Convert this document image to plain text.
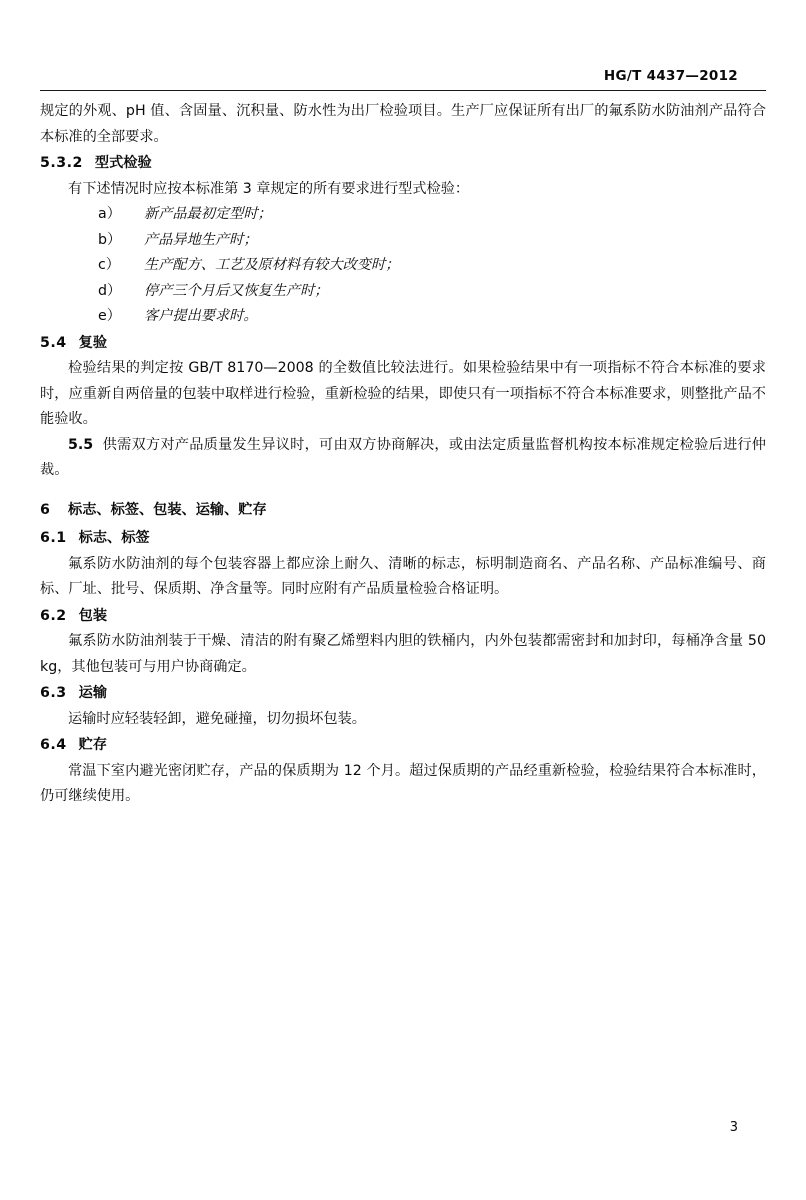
HG/T 4437—2012

规定的外观、pH 值、含固量、沉积量、防水性为出厂检验项目。生产厂应保证所有出厂的氟系防水防油剂产品符合本标准的全部要求。

5.3.2 型式检验

有下述情况时应按本标准第 3 章规定的所有要求进行型式检验：

a）	新产品最初定型时；
b）	产品异地生产时；
c）	生产配方、工艺及原材料有较大改变时；
d）	停产三个月后又恢复生产时；
e）	客户提出要求时。

5.4 复验

检验结果的判定按 GB/T 8170—2008 的全数值比较法进行。如果检验结果中有一项指标不符合本标准的要求时，应重新自两倍量的包装中取样进行检验，重新检验的结果，即使只有一项指标不符合本标准要求，则整批产品不能验收。

5.5 供需双方对产品质量发生异议时，可由双方协商解决，或由法定质量监督机构按本标准规定检验后进行仲裁。

6 标志、标签、包装、运输、贮存

6.1 标志、标签

氟系防水防油剂的每个包装容器上都应涂上耐久、清晰的标志，标明制造商名、产品名称、产品标准编号、商标、厂址、批号、保质期、净含量等。同时应附有产品质量检验合格证明。

6.2 包装

氟系防水防油剂装于干燥、清洁的附有聚乙烯塑料内胆的铁桶内，内外包装都需密封和加封印，每桶净含量 50 kg，其他包装可与用户协商确定。

6.3 运输

运输时应轻装轻卸，避免碰撞，切勿损坏包装。

6.4 贮存

常温下室内避光密闭贮存，产品的保质期为 12 个月。超过保质期的产品经重新检验，检验结果符合本标准时，仍可继续使用。

3
